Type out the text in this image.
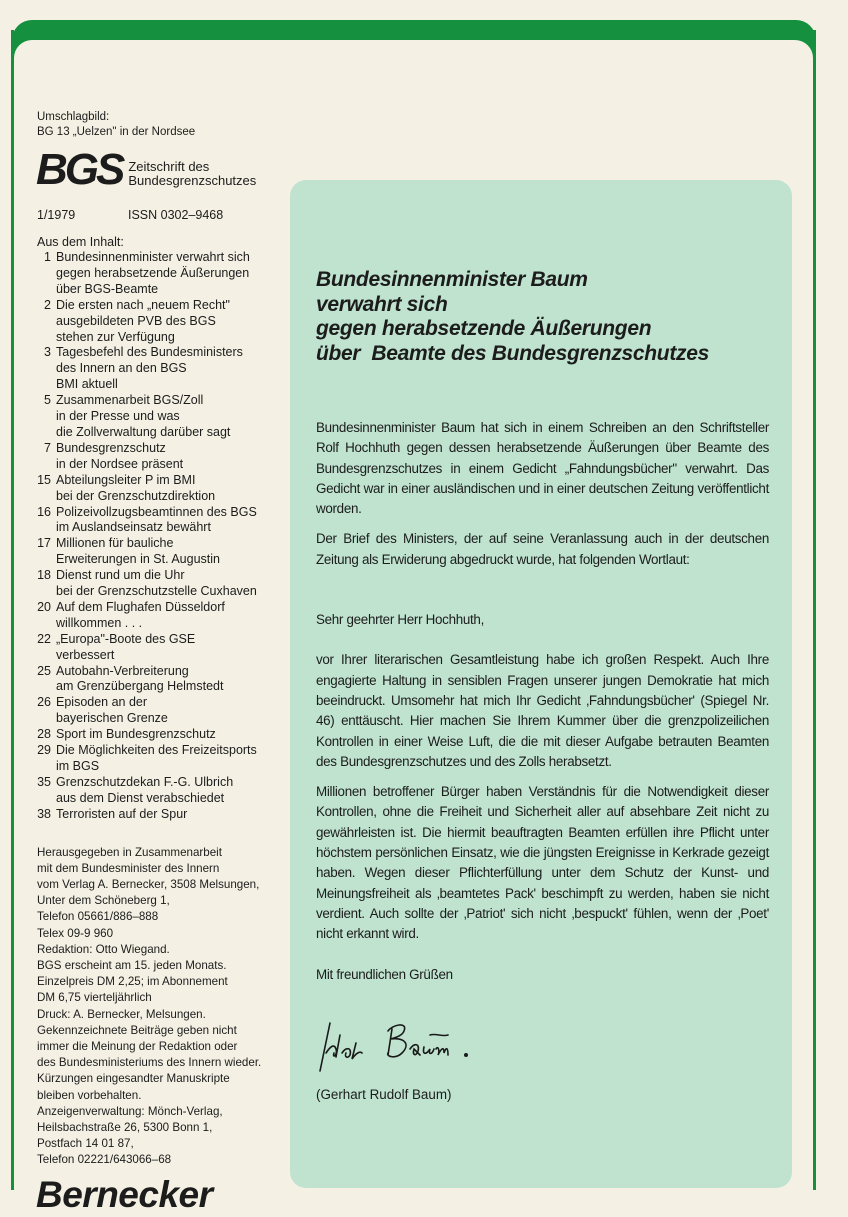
Umschlagbild:
BG 13 „Uelzen" in der Nordsee
BGS Zeitschrift des
Bundesgrenzschutzes
1/1979	ISSN 0302–9468
Aus dem Inhalt:
1 Bundesinnenminister verwahrt sich
gegen herabsetzende Äußerungen
über BGS-Beamte
2 Die ersten nach „neuem Recht"
ausgebildeten PVB des BGS
stehen zur Verfügung
3 Tagesbefehl des Bundesministers
des Innern an den BGS
BMI aktuell
5 Zusammenarbeit BGS/Zoll
in der Presse und was
die Zollverwaltung darüber sagt
7 Bundesgrenzschutz
in der Nordsee präsent
15 Abteilungsleiter P im BMI
bei der Grenzschutzdirektion
16 Polizeivollzugsbeamtinnen des BGS
im Auslandseinsatz bewährt
17 Millionen für bauliche
Erweiterungen in St. Augustin
18 Dienst rund um die Uhr
bei der Grenzschutzstelle Cuxhaven
20 Auf dem Flughafen Düsseldorf
willkommen . . .
22 „Europa"-Boote des GSE
verbessert
25 Autobahn-Verbreiterung
am Grenzübergang Helmstedt
26 Episoden an der
bayerischen Grenze
28 Sport im Bundesgrenzschutz
29 Die Möglichkeiten des Freizeitsports
im BGS
35 Grenzschutzdekan F.-G. Ulbrich
aus dem Dienst verabschiedet
38 Terroristen auf der Spur
Herausgegeben in Zusammenarbeit
mit dem Bundesminister des Innern
vom Verlag A. Bernecker, 3508 Melsungen,
Unter dem Schöneberg 1,
Telefon 05661/886–888
Telex 09-9 960
Redaktion: Otto Wiegand.
BGS erscheint am 15. jeden Monats.
Einzelpreis DM 2,25; im Abonnement
DM 6,75 vierteljährlich
Druck: A. Bernecker, Melsungen.
Gekennzeichnete Beiträge geben nicht
immer die Meinung der Redaktion oder
des Bundesministeriums des Innern wieder.
Kürzungen eingesandter Manuskripte
bleiben vorbehalten.
Anzeigenverwaltung: Mönch-Verlag,
Heilsbachstraße 26, 5300 Bonn 1,
Postfach 14 01 87,
Telefon 02221/643066–68
Bernecker
Bundesinnenminister Baum
verwahrt sich
gegen herabsetzende Äußerungen
über  Beamte des Bundesgrenzschutzes

Bundesinnenminister Baum hat sich in einem Schreiben an den Schriftsteller Rolf Hochhuth gegen dessen herabsetzende Äußerungen über Beamte des Bundesgrenzschutzes in einem Gedicht „Fahndungsbücher" verwahrt. Das Gedicht war in einer ausländischen und in einer deutschen Zeitung veröffentlicht worden.

Der Brief des Ministers, der auf seine Veranlassung auch in der deutschen Zeitung als Erwiderung abgedruckt wurde, hat folgenden Wortlaut:

Sehr geehrter Herr Hochhuth,

vor Ihrer literarischen Gesamtleistung habe ich großen Respekt. Auch Ihre engagierte Haltung in sensiblen Fragen unserer jungen Demokratie hat mich beeindruckt. Umsomehr hat mich Ihr Gedicht ‚Fahndungsbücher' (Spiegel Nr. 46) enttäuscht. Hier machen Sie Ihrem Kummer über die grenzpolizeilichen Kontrollen in einer Weise Luft, die die mit dieser Aufgabe betrauten Beamten des Bundesgrenzschutzes und des Zolls herabsetzt.

Millionen betroffener Bürger haben Verständnis für die Notwendigkeit dieser Kontrollen, ohne die Freiheit und Sicherheit aller auf absehbare Zeit nicht zu gewährleisten ist. Die hiermit beauftragten Beamten erfüllen ihre Pflicht unter höchstem persönlichen Einsatz, wie die jüngsten Ereignisse in Kerkrade gezeigt haben. Wegen dieser Pflichterfüllung unter dem Schutz der Kunst- und Meinungsfreiheit als ‚beamtetes Pack' beschimpft zu werden, haben sie nicht verdient. Auch sollte der ‚Patriot' sich nicht ‚bespuckt' fühlen, wenn der ‚Poet' nicht erkannt wird.

Mit freundlichen Grüßen

(Gerhart Rudolf Baum)
